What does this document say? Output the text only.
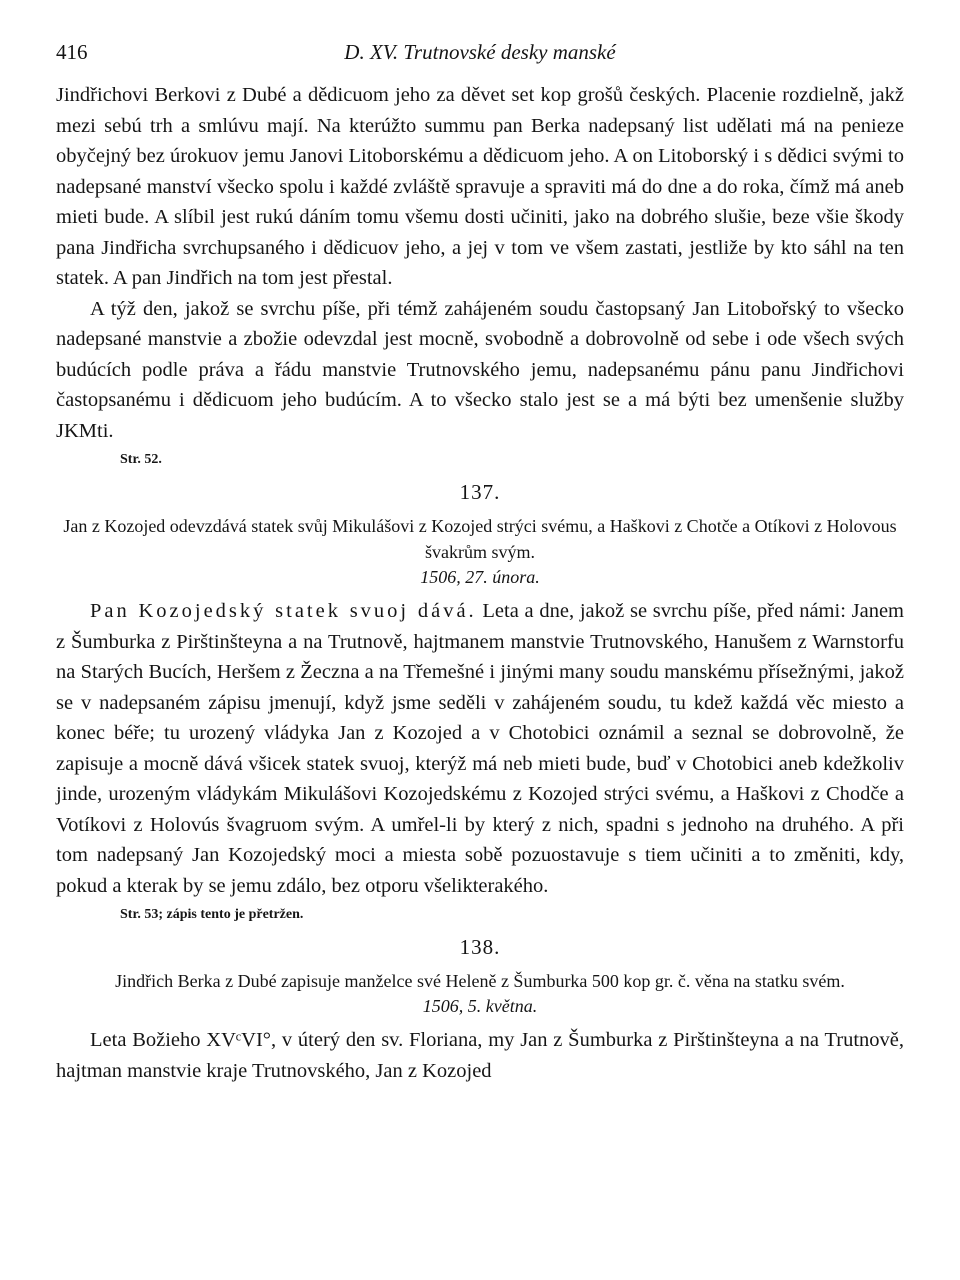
416	D. XV. Trutnovské desky manské

Jindřichovi Berkovi z Dubé a dědicuom jeho za děvet set kop grošů českých. Placenie rozdielně, jakž mezi sebú trh a smlúvu mají. Na kterúžto summu pan Berka nadepsaný list udělati má na penieze obyčejný bez úrokuov jemu Janovi Litoborskému a dědicuom jeho. A on Litoborský i s dědici svými to nadepsané manství všecko spolu i každé zvláště spravuje a spraviti má do dne a do roka, čímž má aneb mieti bude. A slíbil jest rukú dáním tomu všemu dosti učiniti, jako na dobrého slušie, beze všie škody pana Jindřicha svrchupsaného i dědicuov jeho, a jej v tom ve všem zastati, jestliže by kto sáhl na ten statek. A pan Jindřich na tom jest přestal.

A týž den, jakož se svrchu píše, při témž zahájeném soudu častopsaný Jan Litobořský to všecko nadepsané manstvie a zbožie odevzdal jest mocně, svobodně a dobrovolně od sebe i ode všech svých budúcích podle práva a řádu manstvie Trutnovského jemu, nadepsanému pánu panu Jindřichovi častopsanému i dědicuom jeho budúcím. A to všecko stalo jest se a má býti bez umenšenie služby JKMti.

Str. 52.
137.
Jan z Kozojed odevzdává statek svůj Mikulášovi z Kozojed strýci svému, a Haškovi z Chotče a Otíkovi z Holovous švakrům svým.
1506, 27. února.

Pan Kozojedský statek svuoj dává. Leta a dne, jakož se svrchu píše, před námi: Janem z Šumburka z Pirštinšteyna a na Trutnově, hajtmanem manstvie Trutnovského, Hanušem z Warnstorfu na Starých Bucích, Heršem z Žeczna a na Třemešné i jinými many soudu manskému přísežnými, jakož se v nadepsaném zápisu jmenují, když jsme seděli v zahájeném soudu, tu kdež každá věc miesto a konec béře; tu urozený vládyka Jan z Kozojed a v Chotobici oznámil a seznal se dobrovolně, že zapisuje a mocně dává všicek statek svuoj, kterýž má neb mieti bude, buď v Chotobici aneb kdežkoliv jinde, urozeným vládykám Mikulášovi Kozojedskému z Kozojed strýci svému, a Haškovi z Chodče a Votíkovi z Holovús švagruom svým. A umřel-li by který z nich, spadni s jednoho na druhého. A při tom nadepsaný Jan Kozojedský moci a miesta sobě pozuostavuje s tiem učiniti a to změniti, kdy, pokud a kterak by se jemu zdálo, bez otporu všelikterakého.

Str. 53; zápis tento je přetržen.
138.
Jindřich Berka z Dubé zapisuje manželce své Heleně z Šumburka 500 kop gr. č. věna na statku svém.
1506, 5. května.

Leta Božieho XVᶜVI°, v úterý den sv. Floriana, my Jan z Šumburka z Pirštinšteyna a na Trutnově, hajtman manstvie kraje Trutnovského, Jan z Kozojed
